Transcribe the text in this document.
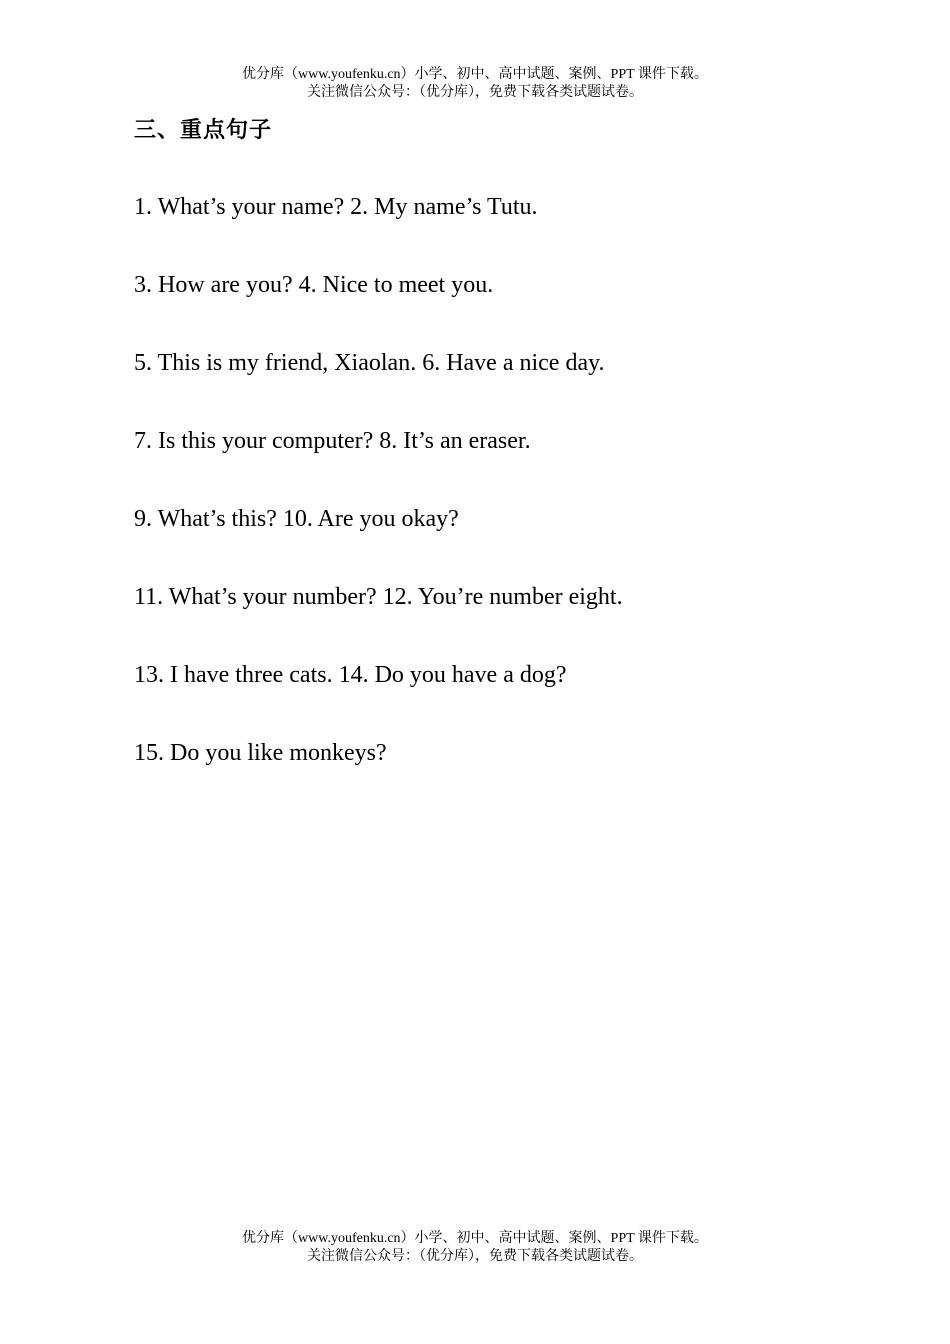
优分库（www.youfenku.cn）小学、初中、高中试题、案例、PPT 课件下载。
关注微信公众号：（优分库），免费下载各类试题试卷。
三、重点句子
1. What’s your name? 2. My name’s Tutu.
3. How are you? 4. Nice to meet you.
5. This is my friend, Xiaolan. 6. Have a nice day.
7. Is this your computer? 8. It’s an eraser.
9. What’s this? 10. Are you okay?
11. What’s your number? 12. You’re number eight.
13. I have three cats. 14. Do you have a dog?
15. Do you like monkeys?
优分库（www.youfenku.cn）小学、初中、高中试题、案例、PPT 课件下载。
关注微信公众号：（优分库），免费下载各类试题试卷。
